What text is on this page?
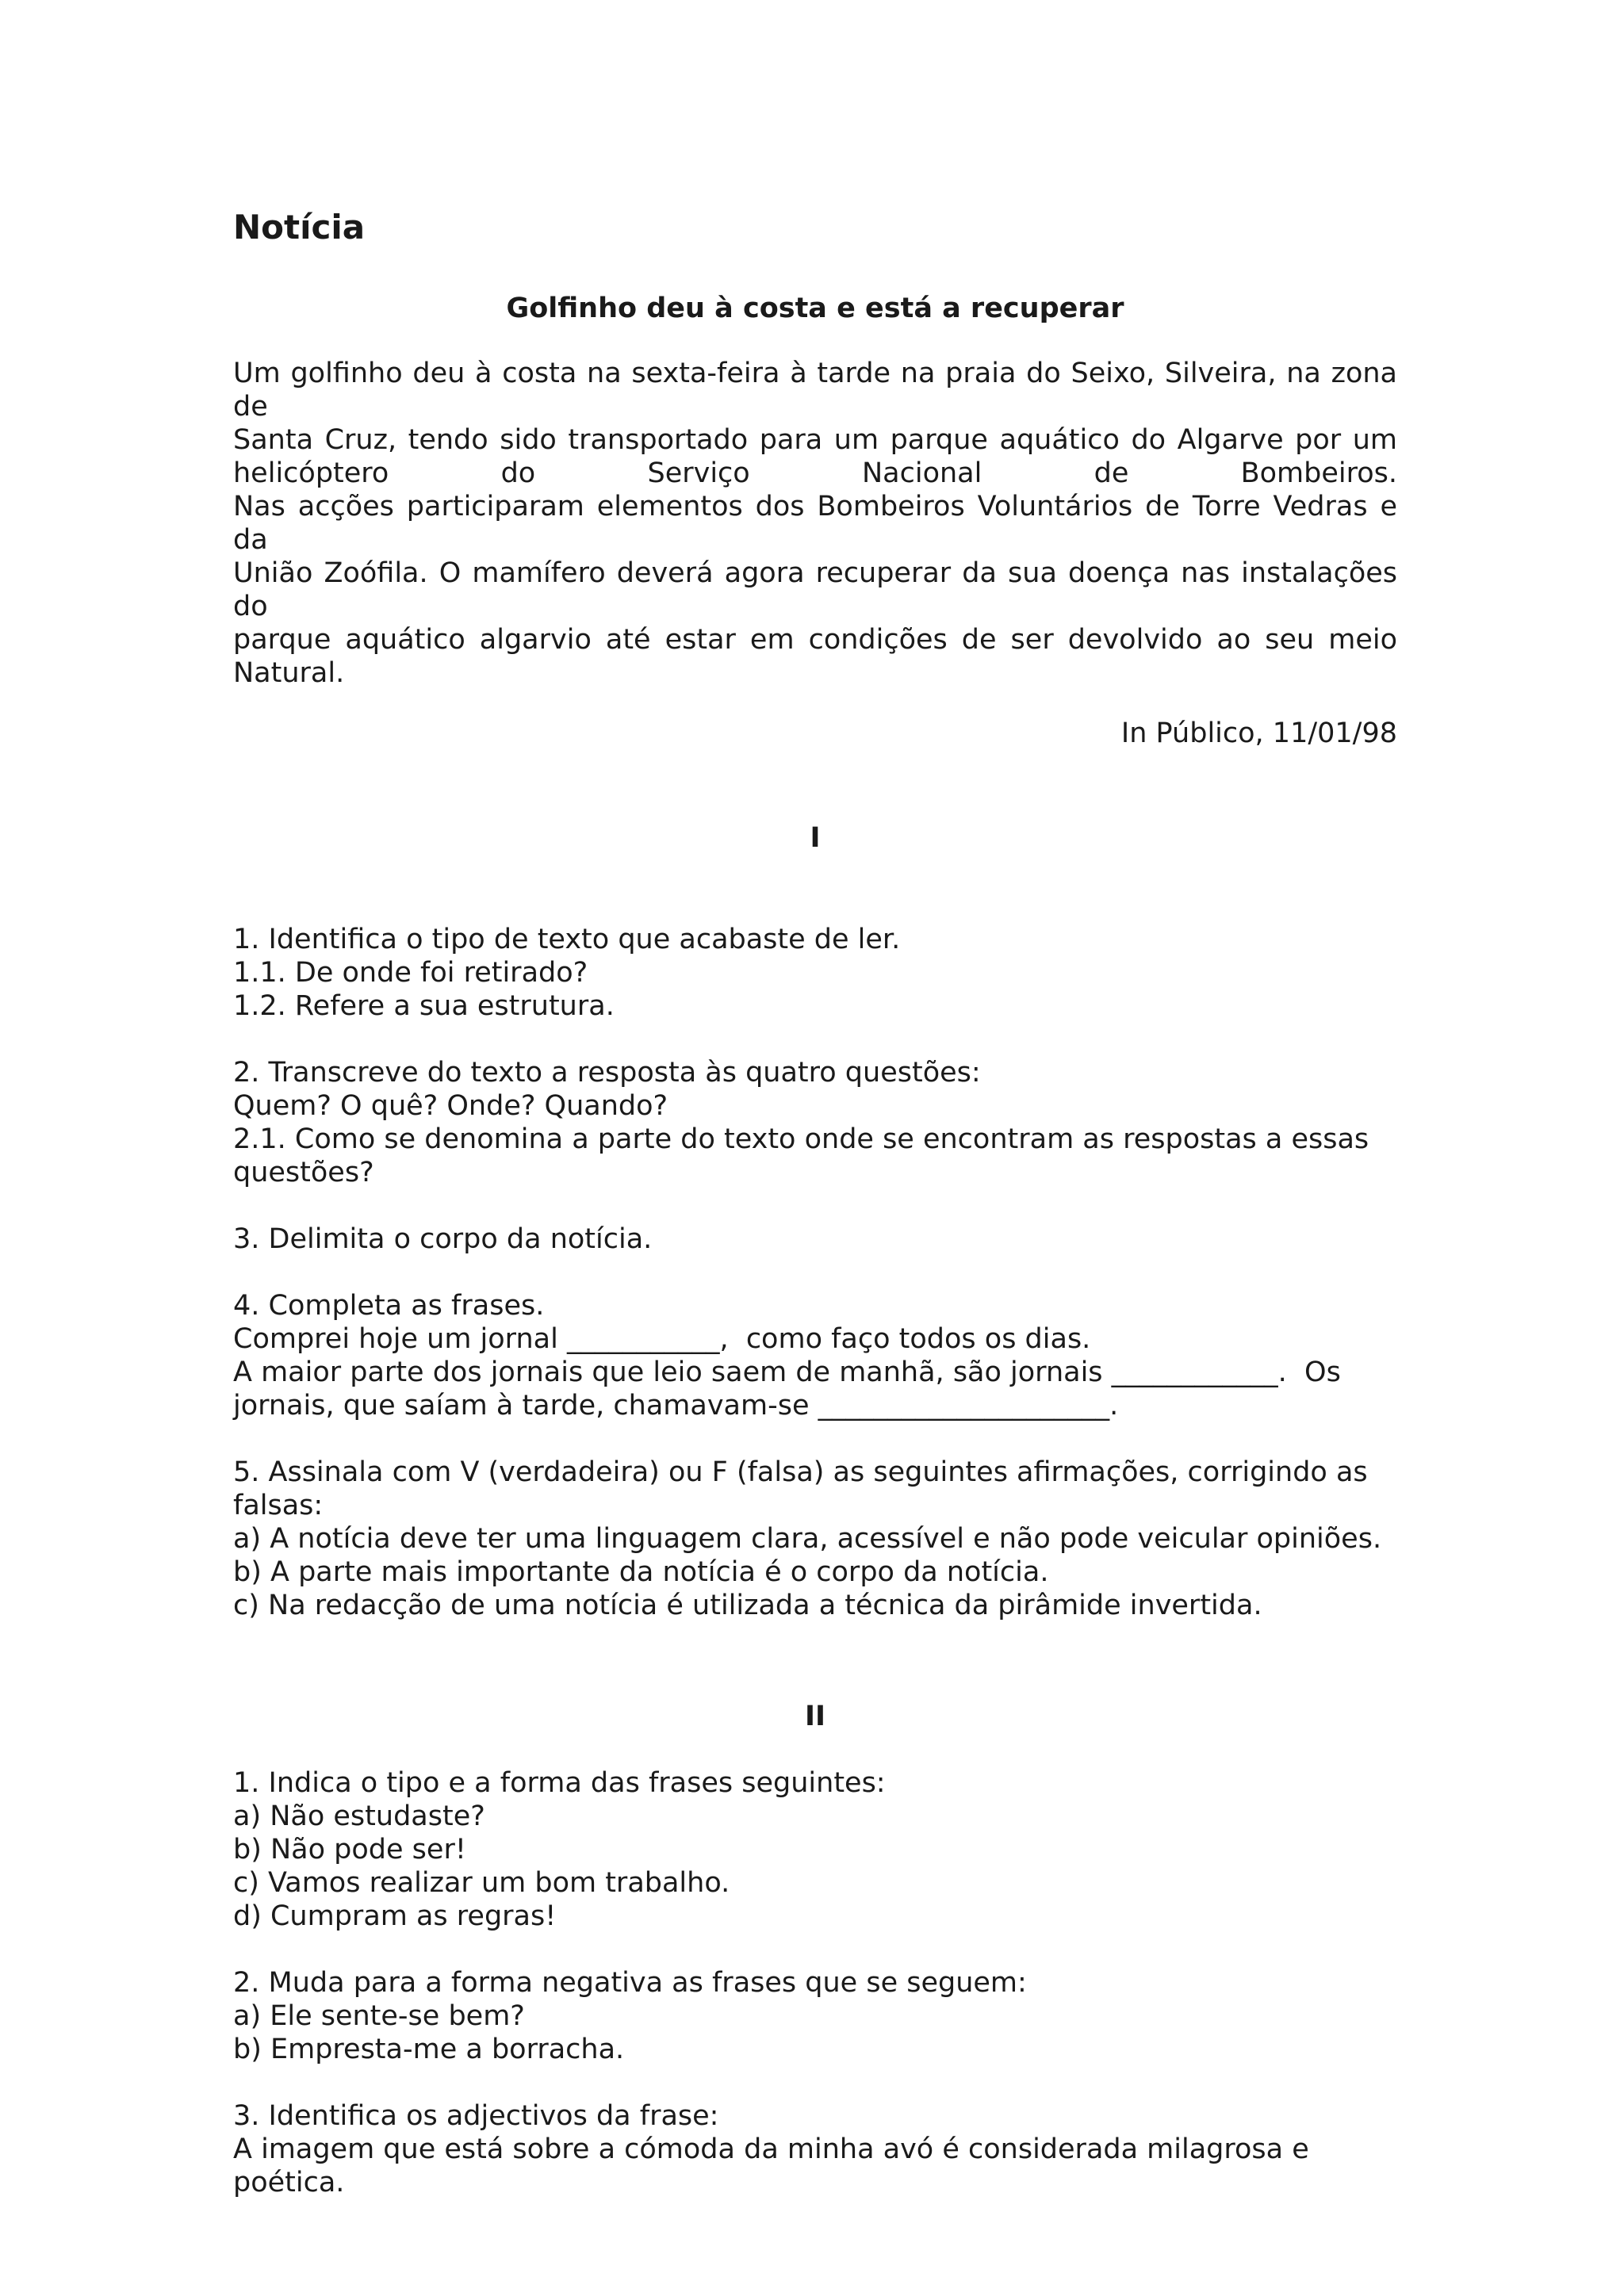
Notícia
Golfinho deu à costa e está a recuperar

Um golfinho deu à costa na sexta-feira à tarde na praia do Seixo, Silveira, na zona de

Santa Cruz, tendo sido transportado para um parque aquático do Algarve por um

helicóptero do Serviço Nacional de Bombeiros.

Nas acções participaram elementos dos Bombeiros Voluntários de Torre Vedras e da

União Zoófila. O mamífero deverá agora recuperar da sua doença nas instalações do

parque aquático algarvio até estar em condições de ser devolvido ao seu meio Natural.

In Público, 11/01/98
I
1. Identifica o tipo de texto que acabaste de ler.
1.1. De onde foi retirado?
1.2. Refere a sua estrutura.
2. Transcreve do texto a resposta às quatro questões:
Quem? O quê? Onde? Quando?
2.1. Como se denomina a parte do texto onde se encontram as respostas a essas
questões?
3. Delimita o corpo da notícia.
4. Completa as frases.
Comprei hoje um jornal ___________,  como faço todos os dias.
A maior parte dos jornais que leio saem de manhã, são jornais ____________.  Os
jornais, que saíam à tarde, chamavam-se _____________________.
5. Assinala com V (verdadeira) ou F (falsa) as seguintes afirmações, corrigindo as falsas:
a) A notícia deve ter uma linguagem clara, acessível e não pode veicular opiniões.
b) A parte mais importante da notícia é o corpo da notícia.
c) Na redacção de uma notícia é utilizada a técnica da pirâmide invertida.
II
1. Indica o tipo e a forma das frases seguintes:
a) Não estudaste?
b) Não pode ser!
c) Vamos realizar um bom trabalho.
d) Cumpram as regras!
2. Muda para a forma negativa as frases que se seguem:
a) Ele sente-se bem?
b) Empresta-me a borracha.
3. Identifica os adjectivos da frase:
A imagem que está sobre a cómoda da minha avó é considerada milagrosa e poética.
